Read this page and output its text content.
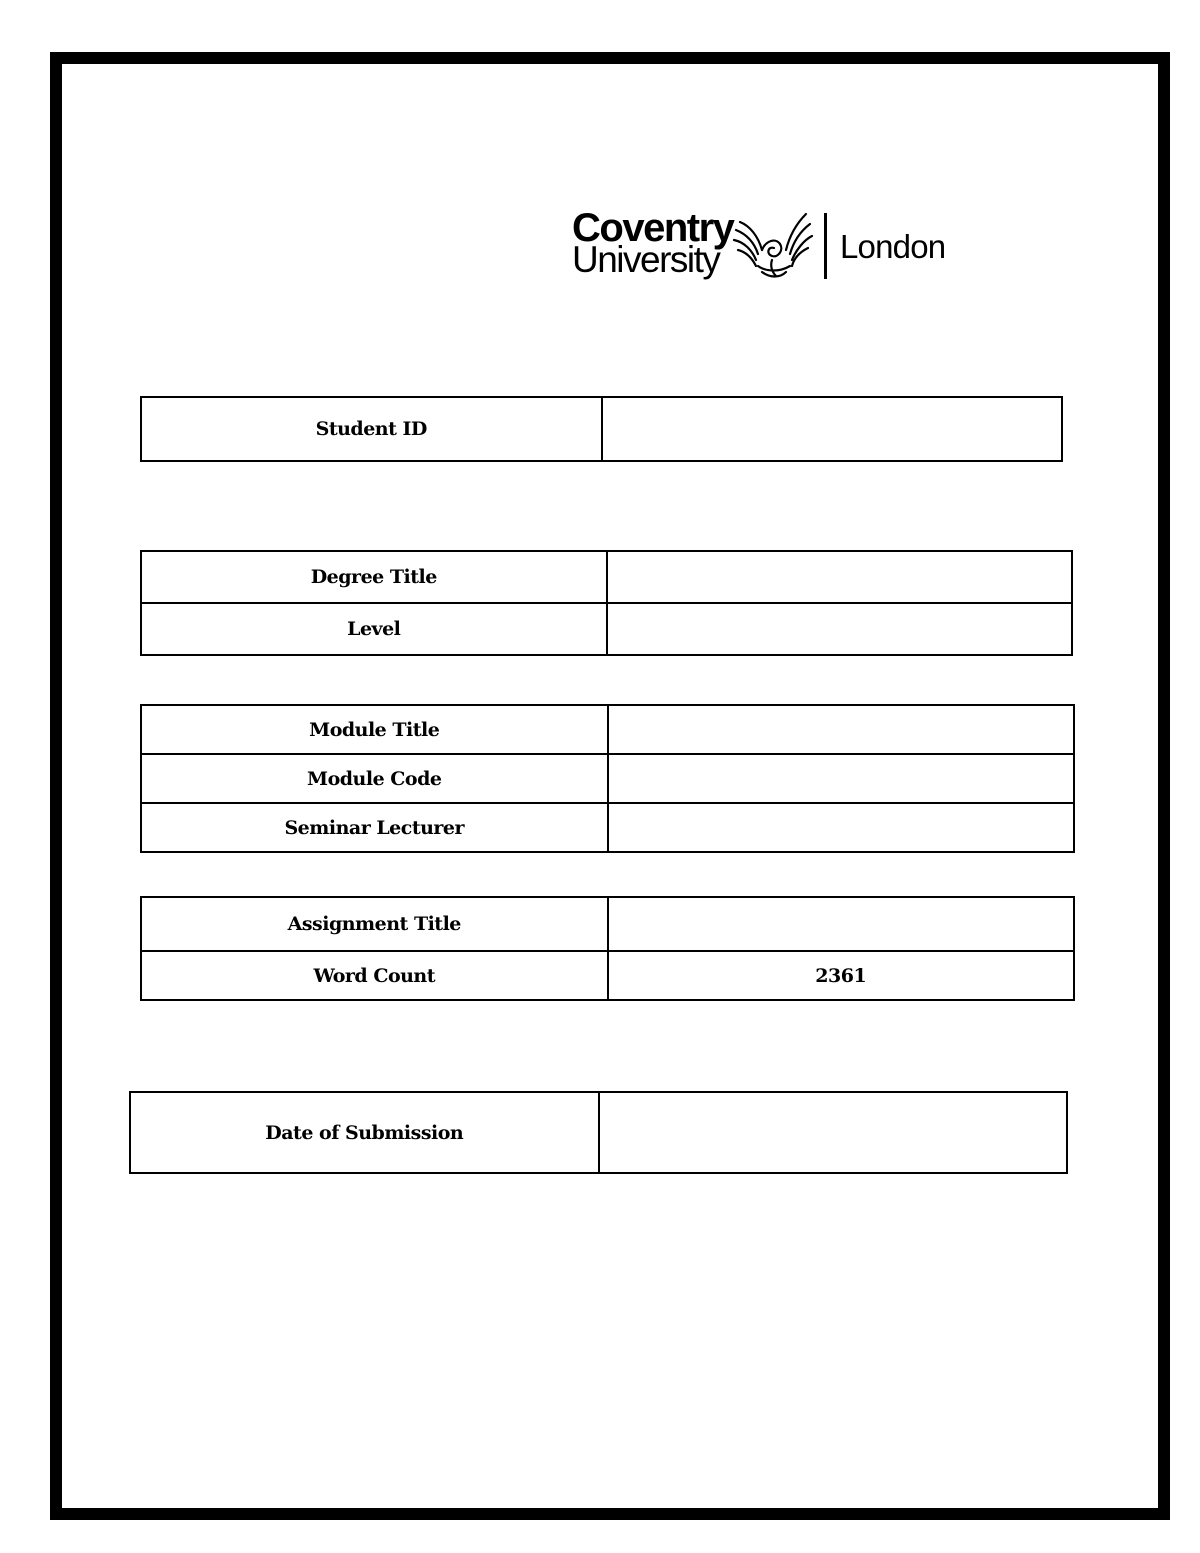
Coventry
University	London
Student ID	
Degree Title	
Level	
Module Title	
Module Code	
Seminar Lecturer	
Assignment Title	
Word Count	2361
Date of Submission	
